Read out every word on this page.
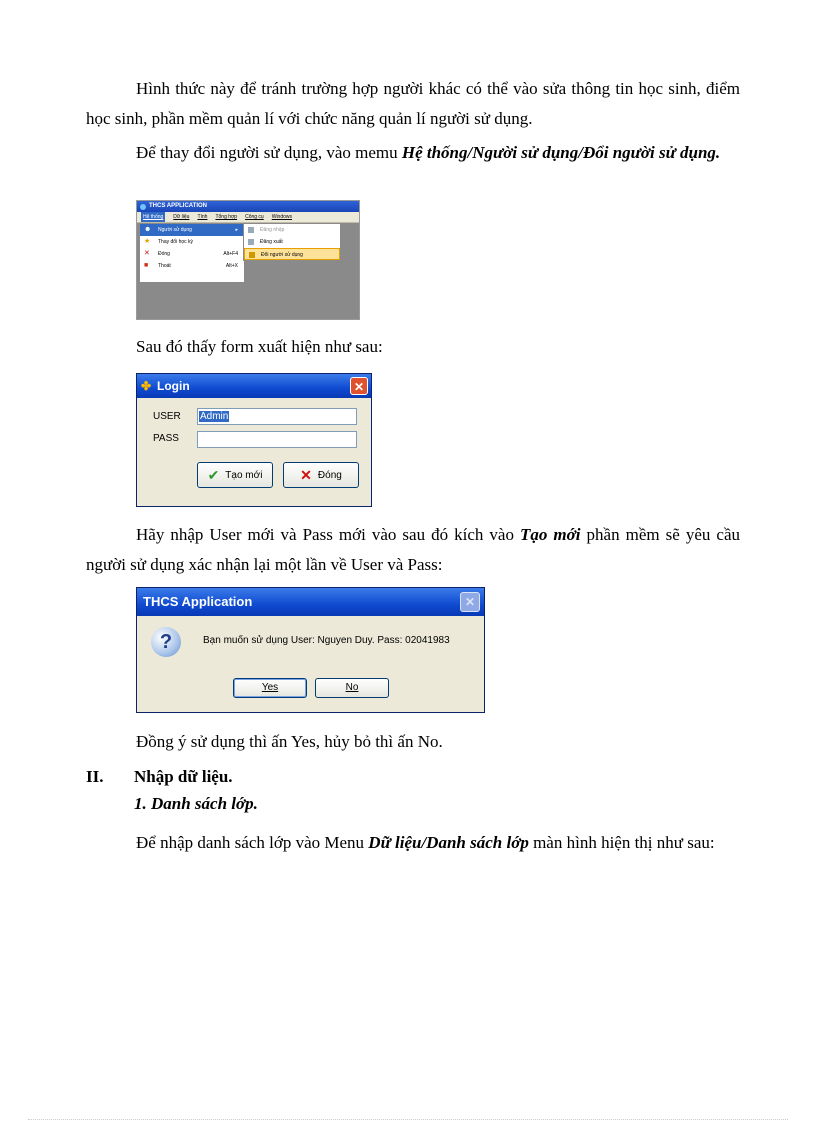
Hình thức này để tránh trường hợp người khác có thể vào sửa thông tin học sinh, điểm học sinh, phần mềm quản lí với chức năng quản lí người sử dụng.

Để thay đổi người sử dụng, vào memu Hệ thống/Người sử dụng/Đổi người sử dụng.

THCS APPLICATION
Hệ thống	Dữ liệu Tính Tổng hợp Công cụ Windows
☻ Người sử dụng	▸
★ Thay đổi học kỳ
✕ Đóng	Alt+F4
■	Thoát	Alt+X
Đăng nhập
Đăng xuất
Đổi người sử dụng

Sau đó thấy form xuất hiện như sau:

✤ Login	✕
USER	Admin
PASS
✔ Tạo mới	✕ Đóng

Hãy nhập User mới và Pass mới vào sau đó kích vào Tạo mới phần mềm sẽ yêu cầu người sử dụng xác nhận lại một lần về User và Pass:

THCS Application	✕
?	Bạn muốn sử dụng User: Nguyen Duy. Pass: 02041983
Yes	No

Đồng ý sử dụng thì ấn Yes, hủy bỏ thì ấn No.

II. Nhập dữ liệu.
1. Danh sách lớp.

Để nhập danh sách lớp vào Menu Dữ liệu/Danh sách lớp màn hình hiện thị như sau:
